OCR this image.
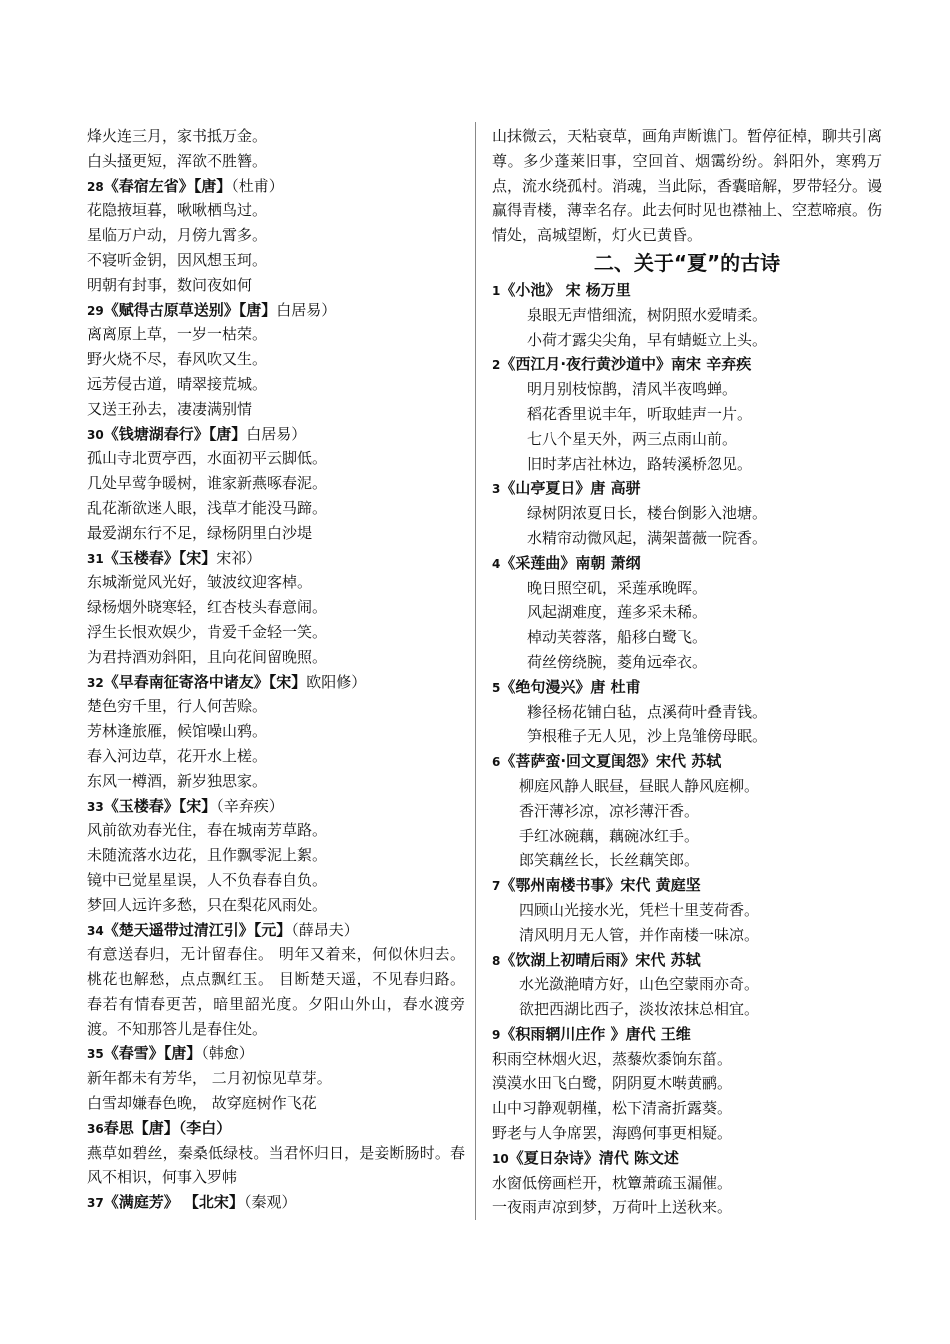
烽火连三月，家书抵万金。
白头搔更短，浑欲不胜簪。
28《春宿左省》【唐】（杜甫）
花隐掖垣暮，啾啾栖鸟过。
星临万户动，月傍九霄多。
不寝听金钥，因风想玉珂。
明朝有封事，数问夜如何
29《赋得古原草送别》【唐】白居易）
离离原上草，一岁一枯荣。
野火烧不尽，春风吹又生。
远芳侵古道，晴翠接荒城。
又送王孙去，凄凄满别情
30《钱塘湖春行》【唐】白居易）
孤山寺北贾亭西，水面初平云脚低。
几处早莺争暖树，谁家新燕啄春泥。
乱花渐欲迷人眼，浅草才能没马蹄。
最爱湖东行不足，绿杨阴里白沙堤
31《玉楼春》【宋】宋祁）
东城渐觉风光好，皱波纹迎客棹。
绿杨烟外晓寒轻，红杏枝头春意闹。
浮生长恨欢娱少，肯爱千金轻一笑。
为君持酒劝斜阳，且向花间留晚照。
32《早春南征寄洛中诸友》【宋】欧阳修）
楚色穷千里，行人何苦赊。
芳林逢旅雁，候馆噪山鸦。
春入河边草，花开水上槎。
东风一樽酒，新岁独思家。
33《玉楼春》【宋】（辛弃疾）
风前欲劝春光住，春在城南芳草路。
未随流落水边花，且作飘零泥上絮。
镜中已觉星星误，人不负春春自负。
梦回人远许多愁，只在梨花风雨处。
34《楚天遥带过清江引》【元】（薛昂夫）
有意送春归，无计留春住。 明年又着来，何似休归去。 桃花也解愁，点点飘红玉。 目断楚天遥，不见春归路。春若有情春更苦，暗里韶光度。夕阳山外山，春水渡旁渡。不知那答儿是春住处。
35《春雪》【唐】（韩愈）
新年都未有芳华， 二月初惊见草芽。
白雪却嫌春色晚， 故穿庭树作飞花
36春思【唐】（李白）
燕草如碧丝，秦桑低绿枝。当君怀归日，是妾断肠时。春风不相识，何事入罗帏
37《满庭芳》 【北宋】（秦观）
山抹微云，天粘衰草，画角声断谯门。暂停征棹，聊共引离尊。多少蓬莱旧事，空回首、烟霭纷纷。斜阳外，寒鸦万点，流水绕孤村。消魂，当此际，香囊暗解，罗带轻分。谩赢得青楼，薄幸名存。此去何时见也襟袖上、空惹啼痕。伤情处，高城望断，灯火已黄昏。
二、关于“夏”的古诗
1《小池》 宋 杨万里
泉眼无声惜细流，树阴照水爱晴柔。
小荷才露尖尖角，早有蜻蜓立上头。
2《西江月·夜行黄沙道中》南宋 辛弃疾
明月别枝惊鹊，清风半夜鸣蝉。
稻花香里说丰年，听取蛙声一片。
七八个星天外，两三点雨山前。
旧时茅店社林边，路转溪桥忽见。
3《山亭夏日》唐 高骈
绿树阴浓夏日长，楼台倒影入池塘。
水精帘动微风起，满架蔷薇一院香。
4《采莲曲》南朝 萧纲
晚日照空矶，采莲承晚晖。
风起湖难度，莲多采未稀。
棹动芙蓉落，船移白鹭飞。
荷丝傍绕腕，菱角远牵衣。
5《绝句漫兴》唐 杜甫
糁径杨花铺白毡，点溪荷叶叠青钱。
笋根稚子无人见，沙上凫雏傍母眠。
6《菩萨蛮·回文夏闺怨》宋代 苏轼
柳庭风静人眠昼，昼眠人静风庭柳。
香汗薄衫凉，凉衫薄汗香。
手红冰碗藕，藕碗冰红手。
郎笑藕丝长，长丝藕笑郎。
7《鄂州南楼书事》宋代 黄庭坚
四顾山光接水光，凭栏十里芰荷香。
清风明月无人管，并作南楼一味凉。
8《饮湖上初晴后雨》宋代 苏轼
水光潋滟晴方好，山色空蒙雨亦奇。
欲把西湖比西子，淡妆浓抹总相宜。
9《积雨辋川庄作 》唐代 王维
积雨空林烟火迟，蒸藜炊黍饷东菑。
漠漠水田飞白鹭，阴阴夏木啭黄鹂。
山中习静观朝槿，松下清斋折露葵。
野老与人争席罢，海鸥何事更相疑。
10《夏日杂诗》清代 陈文述
水窗低傍画栏开，枕簟萧疏玉漏催。
一夜雨声凉到梦，万荷叶上送秋来。
